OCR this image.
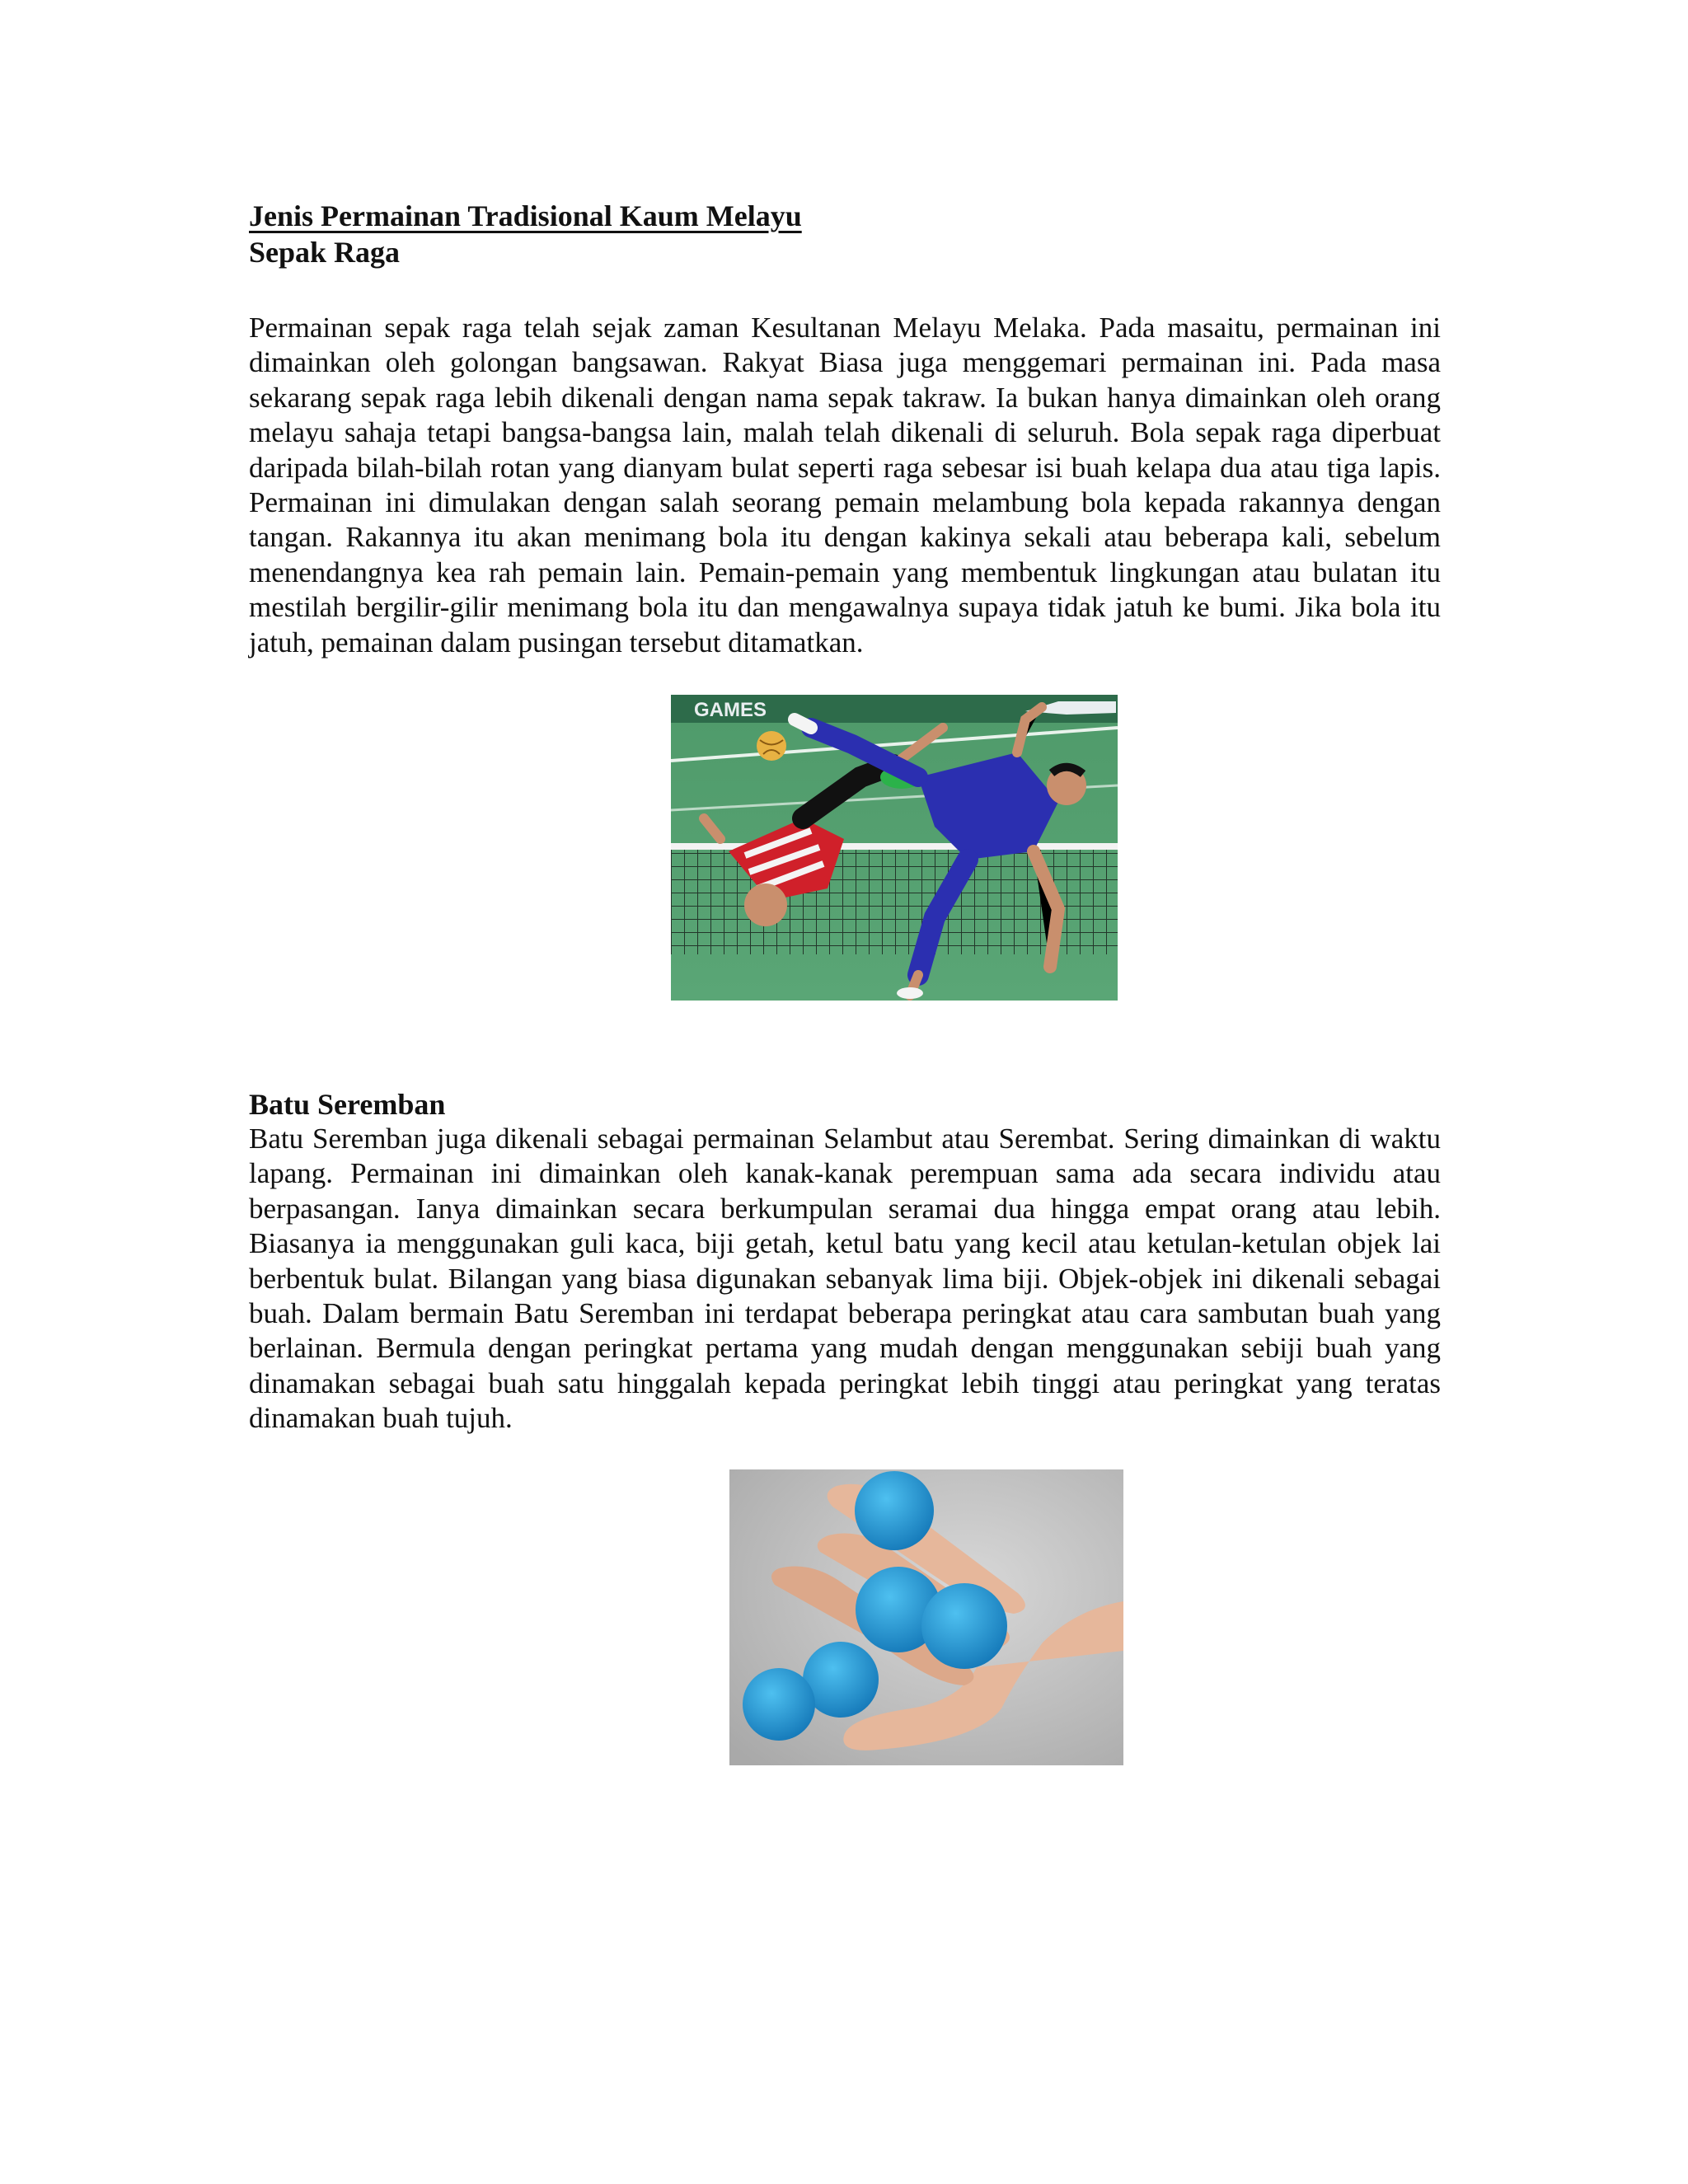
Jenis Permainan Tradisional Kaum Melayu
Sepak Raga

Permainan sepak raga telah sejak zaman Kesultanan Melayu Melaka. Pada masaitu, permainan ini dimainkan oleh golongan bangsawan. Rakyat Biasa juga menggemari permainan ini. Pada masa sekarang sepak raga lebih dikenali dengan nama sepak takraw. Ia bukan hanya dimainkan oleh orang melayu sahaja tetapi bangsa-bangsa lain, malah telah dikenali di seluruh. Bola sepak raga diperbuat daripada bilah-bilah rotan yang dianyam bulat seperti raga sebesar isi buah kelapa dua atau tiga lapis. Permainan ini dimulakan dengan salah seorang pemain melambung bola kepada rakannya dengan tangan. Rakannya itu akan menimang bola itu dengan kakinya sekali atau beberapa kali, sebelum menendangnya kea rah pemain lain. Pemain-pemain yang membentuk lingkungan atau bulatan itu mestilah bergilir-gilir menimang bola itu dan mengawalnya supaya tidak jatuh ke bumi. Jika bola itu jatuh, pemainan dalam pusingan tersebut ditamatkan.

GAMES
Batu Seremban

Batu Seremban juga dikenali sebagai permainan Selambut atau Serembat. Sering dimainkan di waktu lapang. Permainan ini dimainkan oleh kanak-kanak perempuan sama ada secara individu atau berpasangan. Ianya dimainkan secara berkumpulan seramai dua hingga empat orang atau lebih. Biasanya ia menggunakan guli kaca, biji getah, ketul batu yang kecil atau ketulan-ketulan objek lai berbentuk bulat. Bilangan yang biasa digunakan sebanyak lima biji. Objek-objek ini dikenali sebagai buah. Dalam bermain Batu Seremban ini terdapat beberapa peringkat atau cara sambutan buah yang berlainan. Bermula dengan peringkat pertama yang mudah dengan menggunakan sebiji buah yang dinamakan sebagai buah satu hinggalah kepada peringkat lebih tinggi atau peringkat yang teratas dinamakan buah tujuh.
